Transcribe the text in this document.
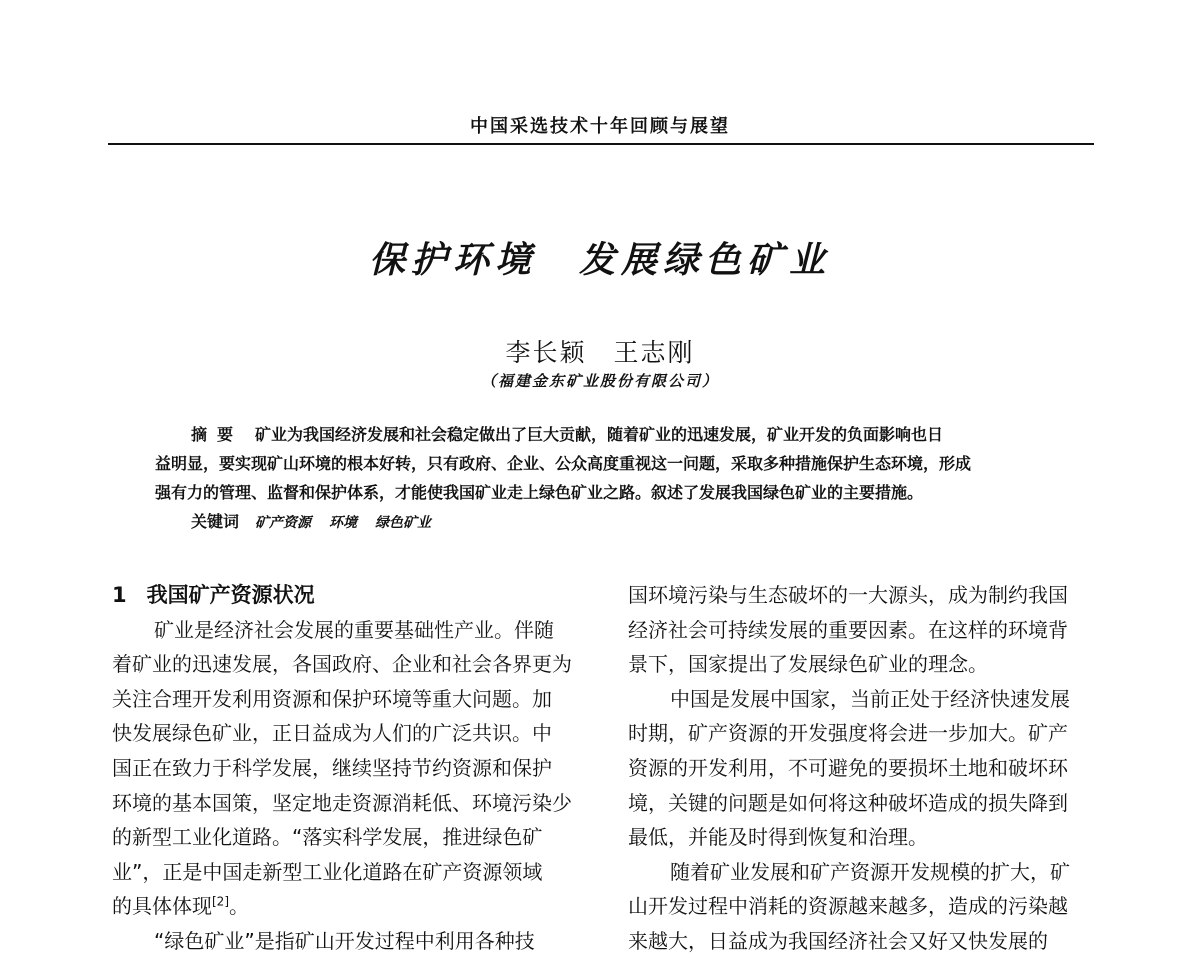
中国采选技术十年回顾与展望
保护环境　发展绿色矿业
李长颖　王志刚
（福建金东矿业股份有限公司）
摘要 矿业为我国经济发展和社会稳定做出了巨大贡献，随着矿业的迅速发展，矿业开发的负面影响也日
益明显，要实现矿山环境的根本好转，只有政府、企业、公众高度重视这一问题，采取多种措施保护生态环境，形成
强有力的管理、监督和保护体系，才能使我国矿业走上绿色矿业之路。叙述了发展我国绿色矿业的主要措施。
关键词 矿产资源 环境 绿色矿业
1 我国矿产资源状况
矿业是经济社会发展的重要基础性产业。伴随
着矿业的迅速发展，各国政府、企业和社会各界更为
关注合理开发利用资源和保护环境等重大问题。加
快发展绿色矿业，正日益成为人们的广泛共识。中
国正在致力于科学发展，继续坚持节约资源和保护
环境的基本国策，坚定地走资源消耗低、环境污染少
的新型工业化道路。“落实科学发展，推进绿色矿
业”，正是中国走新型工业化道路在矿产资源领域
的具体体现[2]。
“绿色矿业”是指矿山开发过程中利用各种技
国环境污染与生态破坏的一大源头，成为制约我国
经济社会可持续发展的重要因素。在这样的环境背
景下，国家提出了发展绿色矿业的理念。
中国是发展中国家，当前正处于经济快速发展
时期，矿产资源的开发强度将会进一步加大。矿产
资源的开发利用，不可避免的要损坏土地和破坏环
境，关键的问题是如何将这种破坏造成的损失降到
最低，并能及时得到恢复和治理。
随着矿业发展和矿产资源开发规模的扩大，矿
山开发过程中消耗的资源越来越多，造成的污染越
来越大，日益成为我国经济社会又好又快发展的
